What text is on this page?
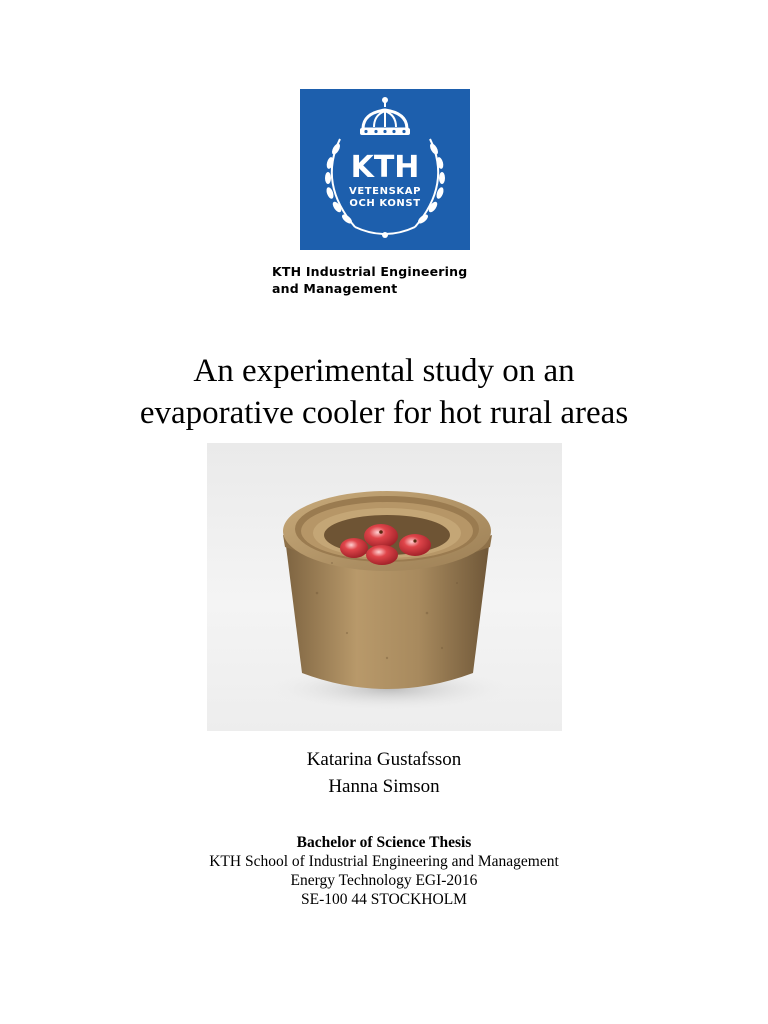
KTH
VETENSKAP
OCH KONST
KTH Industrial Engineering
and Management
An experimental study on an
evaporative cooler for hot rural areas
Katarina Gustafsson
Hanna Simson
Bachelor of Science Thesis
KTH School of Industrial Engineering and Management
Energy Technology EGI-2016
SE-100 44 STOCKHOLM
